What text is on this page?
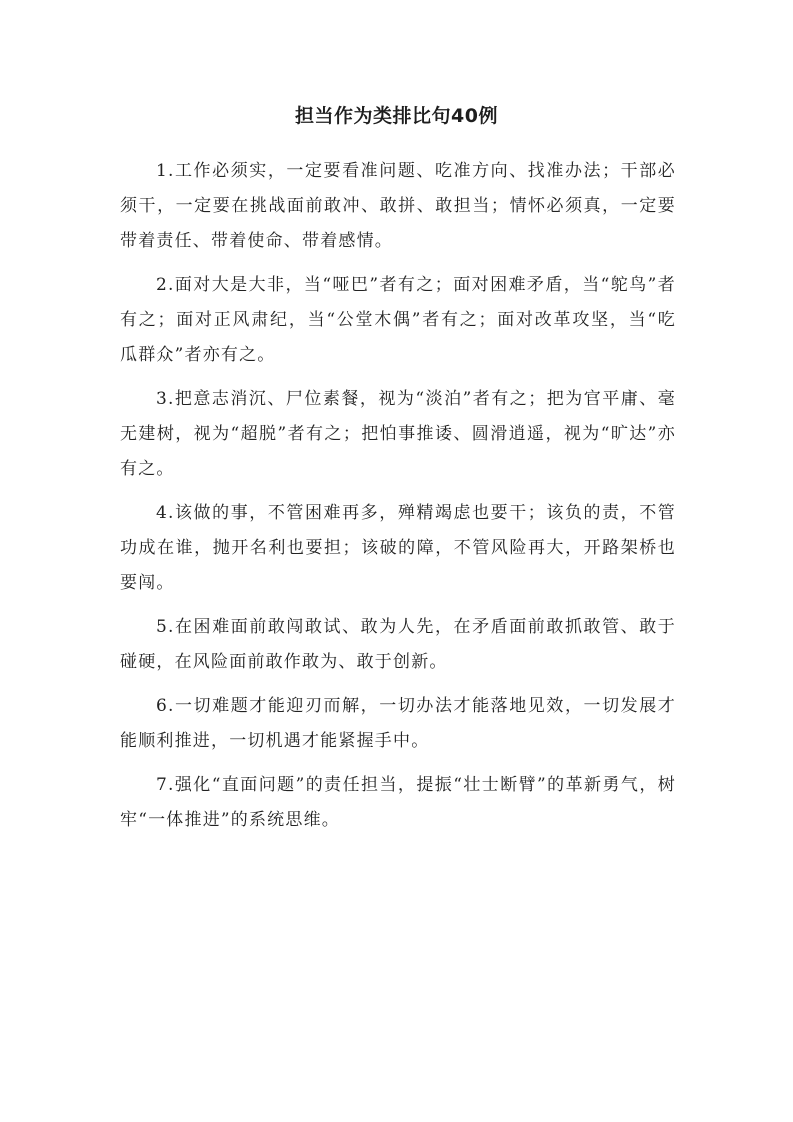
担当作为类排比句40例

1.工作必须实，一定要看准问题、吃准方向、找准办法；干部必须干，一定要在挑战面前敢冲、敢拼、敢担当；情怀必须真，一定要带着责任、带着使命、带着感情。

2.面对大是大非，当“哑巴”者有之；面对困难矛盾，当“鸵鸟”者有之；面对正风肃纪，当“公堂木偶”者有之；面对改革攻坚，当“吃瓜群众”者亦有之。

3.把意志消沉、尸位素餐，视为“淡泊”者有之；把为官平庸、毫无建树，视为“超脱”者有之；把怕事推诿、圆滑逍遥，视为“旷达”亦有之。

4.该做的事，不管困难再多，殚精竭虑也要干；该负的责，不管功成在谁，抛开名利也要担；该破的障，不管风险再大，开路架桥也要闯。

5.在困难面前敢闯敢试、敢为人先，在矛盾面前敢抓敢管、敢于碰硬，在风险面前敢作敢为、敢于创新。

6.一切难题才能迎刃而解，一切办法才能落地见效，一切发展才能顺利推进，一切机遇才能紧握手中。

7.强化“直面问题”的责任担当，提振“壮士断臂”的革新勇气，树牢“一体推进”的系统思维。
